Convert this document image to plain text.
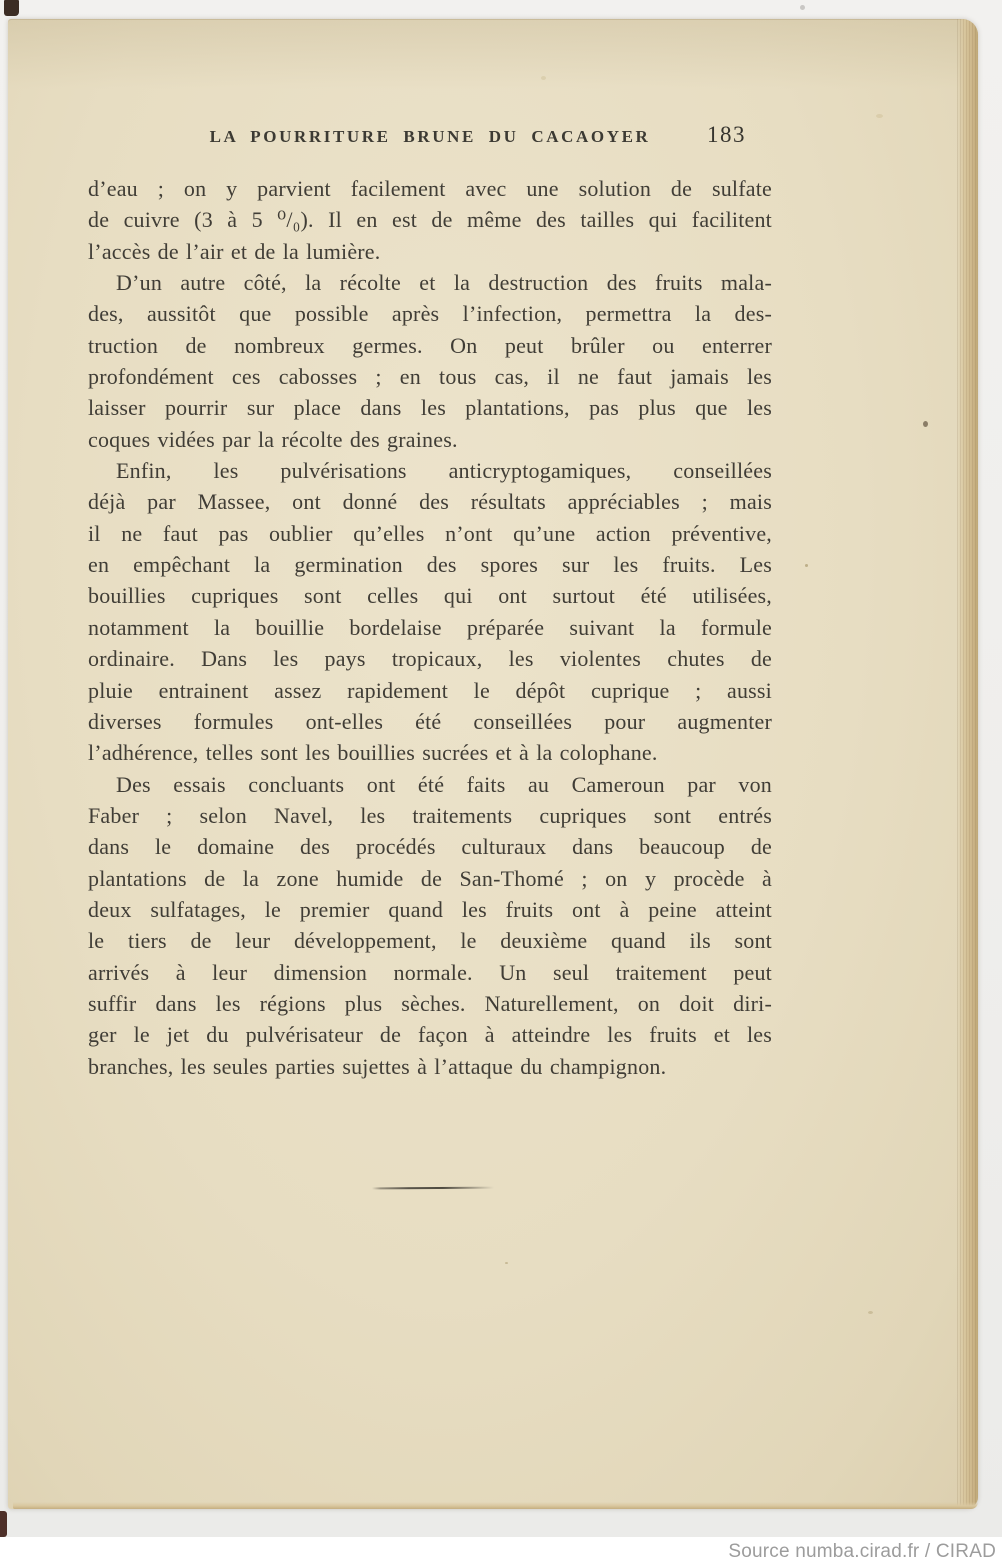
LA POURRITURE BRUNE DU CACAOYER	183
d’eau ; on y parvient facilement avec une solution de sulfate
de cuivre (3 à 5 ⁰/₀). Il en est de même des tailles qui facilitent
l’accès de l’air et de la lumière.
D’un autre côté, la récolte et la destruction des fruits mala-
des, aussitôt que possible après l’infection, permettra la des-
truction de nombreux germes. On peut brûler ou enterrer
profondément ces cabosses ; en tous cas, il ne faut jamais les
laisser pourrir sur place dans les plantations, pas plus que les
coques vidées par la récolte des graines.
Enfin, les pulvérisations anticryptogamiques, conseillées
déjà par Massee, ont donné des résultats appréciables ; mais
il ne faut pas oublier qu’elles n’ont qu’une action préventive,
en empêchant la germination des spores sur les fruits. Les
bouillies cupriques sont celles qui ont surtout été utilisées,
notamment la bouillie bordelaise préparée suivant la formule
ordinaire. Dans les pays tropicaux, les violentes chutes de
pluie entrainent assez rapidement le dépôt cuprique ; aussi
diverses formules ont-elles été conseillées pour augmenter
l’adhérence, telles sont les bouillies sucrées et à la colophane.
Des essais concluants ont été faits au Cameroun par von
Faber ; selon Navel, les traitements cupriques sont entrés
dans le domaine des procédés culturaux dans beaucoup de
plantations de la zone humide de San-Thomé ; on y procède à
deux sulfatages, le premier quand les fruits ont à peine atteint
le tiers de leur développement, le deuxième quand ils sont
arrivés à leur dimension normale. Un seul traitement peut
suffir dans les régions plus sèches. Naturellement, on doit diri-
ger le jet du pulvérisateur de façon à atteindre les fruits et les
branches, les seules parties sujettes à l’attaque du champignon.
Source numba.cirad.fr / CIRAD
